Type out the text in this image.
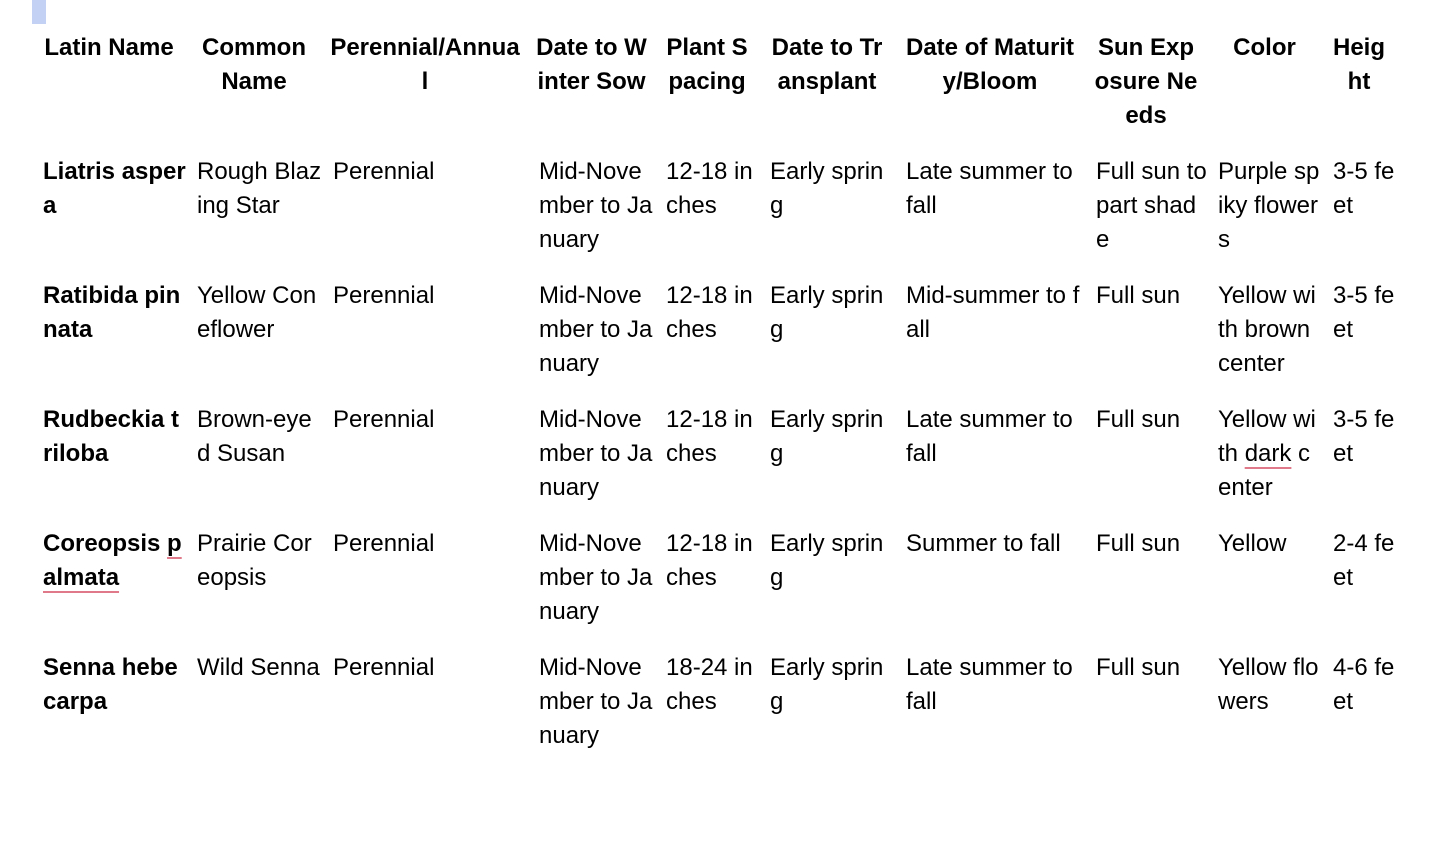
Latin Name	Common Name	Perennial/Annual	Date to Winter Sow	Plant Spacing	Date to Transplant	Date of Maturity/Bloom	Sun Exposure Needs	Color	Height
Liatris aspera	Rough Blazing Star	Perennial	Mid-November to January	12-18 inches	Early spring	Late summer to fall	Full sun to part shade	Purple spiky flowers	3-5 feet
Ratibida pinnata	Yellow Coneflower	Perennial	Mid-November to January	12-18 inches	Early spring	Mid-summer to fall	Full sun	Yellow with brown center	3-5 feet
Rudbeckia triloba	Brown-eyed Susan	Perennial	Mid-November to January	12-18 inches	Early spring	Late summer to fall	Full sun	Yellow with dark center	3-5 feet
Coreopsis palmata	Prairie Coreopsis	Perennial	Mid-November to January	12-18 inches	Early spring	Summer to fall	Full sun	Yellow	2-4 feet
Senna hebecarpa	Wild Senna	Perennial	Mid-November to January	18-24 inches	Early spring	Late summer to fall	Full sun	Yellow flowers	4-6 feet
